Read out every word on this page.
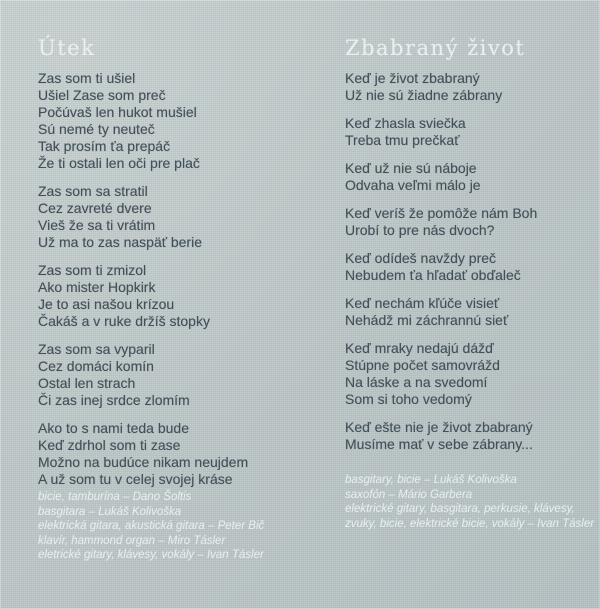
Útek

Zas som ti ušiel
Ušiel Zase som preč
Počúvaš len hukot mušiel
Sú nemé ty neuteč
Tak prosím ťa prepáč
Že ti ostali len oči pre plač

Zas som sa stratil
Cez zavreté dvere
Vieš že sa ti vrátim
Už ma to zas naspäť berie

Zas som ti zmizol
Ako mister Hopkirk
Je to asi našou krízou
Čakáš a v ruke držíš stopky

Zas som sa vyparil
Cez domáci komín
Ostal len strach
Či zas inej srdce zlomím

Ako to s nami teda bude
Keď zdrhol som ti zase
Možno na budúce nikam neujdem
A už som tu v celej svojej kráse

bicie, tamburína – Dano Šoltis
basgitara – Lukáš Kolivoška
elektrická gitara, akustická gitara – Peter Bič
klavír, hammond organ – Miro Tásler
eletrické gitary, klávesy, vokály – Ivan Tásler
Zbabraný život

Keď je život zbabraný
Už nie sú žiadne zábrany

Keď zhasla sviečka
Treba tmu prečkať

Keď už nie sú náboje
Odvaha veľmi málo je

Keď veríš že pomôže nám Boh
Urobí to pre nás dvoch?

Keď odídeš navždy preč
Nebudem ťa hľadať obďaleč

Keď nechám kľúče visieť
Nehádž mi záchrannú sieť

Keď mraky nedajú dážď
Stúpne počet samovrážd
Na láske a na svedomí
Som si toho vedomý

Keď ešte nie je život zbabraný
Musíme mať v sebe zábrany...

basgitary, bicie – Lukáš Kolivoška
saxofón – Mário Garbera
elektrické gitary, basgitara, perkusie, klávesy,
zvuky, bicie, elektrické bicie, vokály – Ivan Tásler
